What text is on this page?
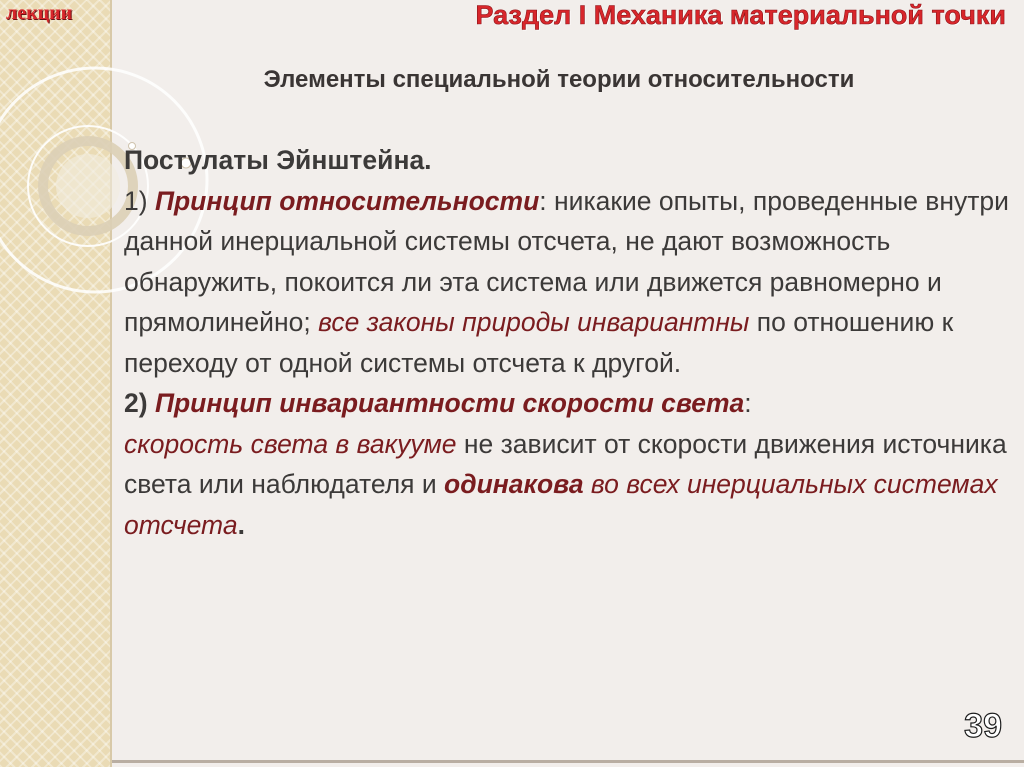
лекции	Раздел I Механика материальной точки
Элементы специальной теории относительности

Постулаты Эйнштейна.

1) Принцип относительности: никакие опыты, проведенные внутри данной инерциальной системы отсчета, не дают возможность обнаружить, покоится ли эта система или движется равномерно и прямолинейно; все законы природы инвариантны по отношению к переходу от одной системы отсчета к другой.

2) Принцип инвариантности скорости света:
скорость света в вакууме не зависит от скорости движения источника света или наблюдателя и одинакова во всех инерциальных системах отсчета.

39
